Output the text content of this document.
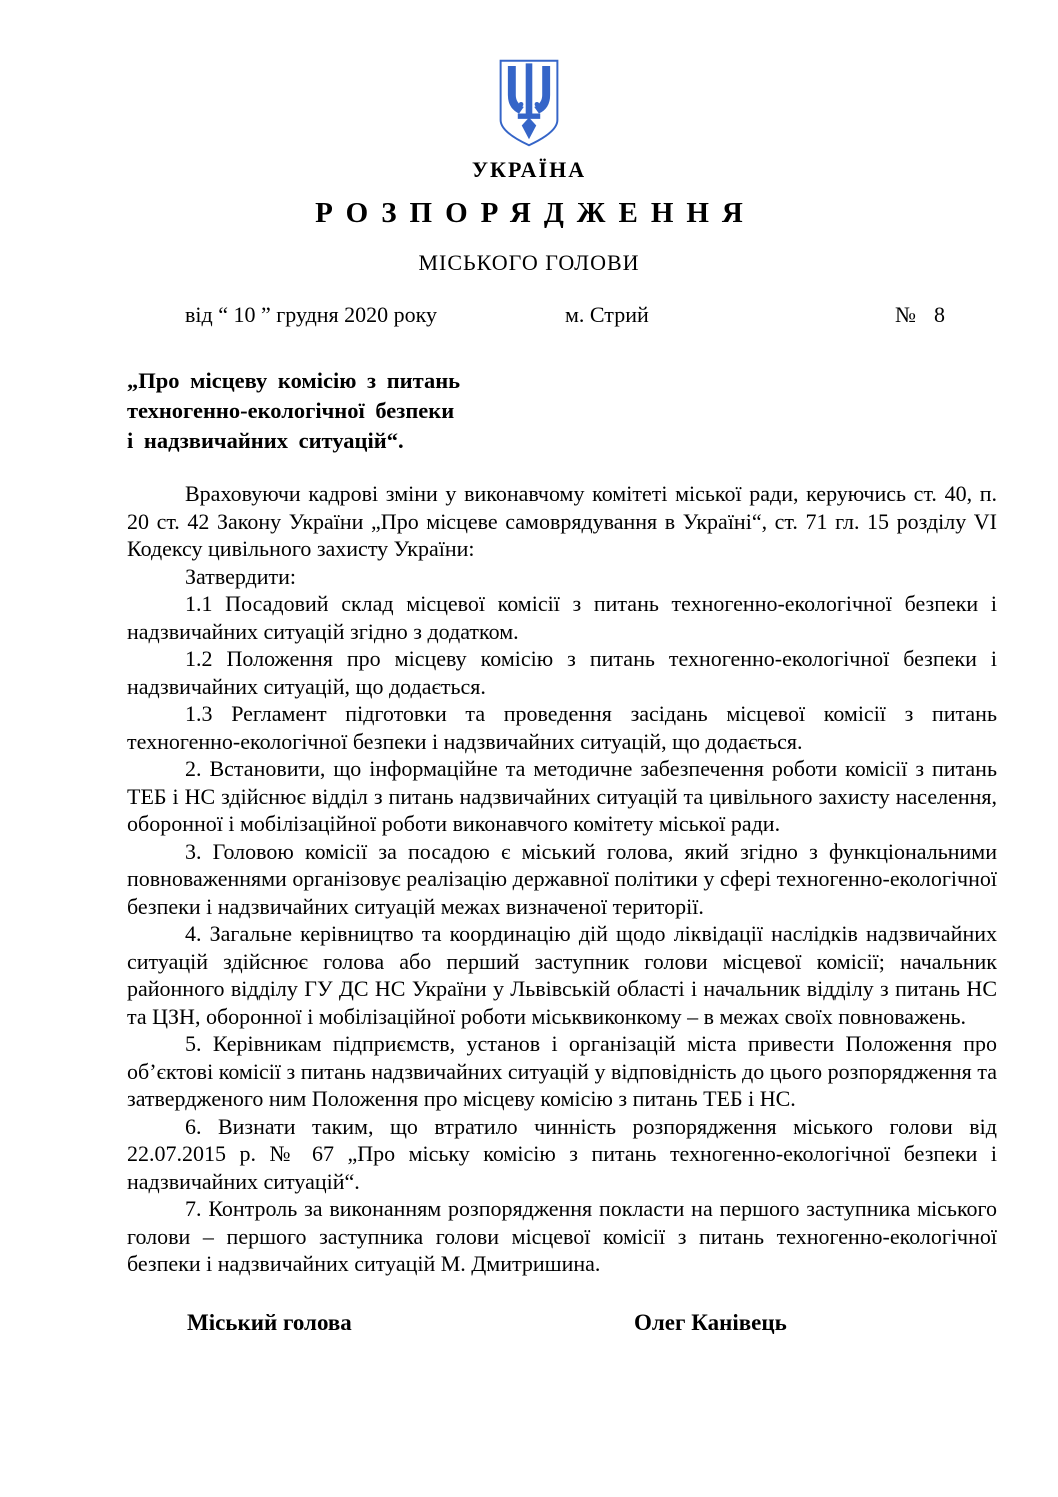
УКРАЇНА
РОЗПОРЯДЖЕННЯ
МІСЬКОГО ГОЛОВИ
від “ 10 ” грудня 2020 року	м. Стрий	№ 8
„Про місцеву комісію з питань
техногенно-екологічної безпеки
і надзвичайних ситуацій“.

Враховуючи кадрові зміни у виконавчому комітеті міської ради, керуючись ст. 40, п. 20 ст. 42 Закону України „Про місцеве самоврядування в Україні“, ст. 71 гл. 15 розділу VI Кодексу цивільного захисту України:

Затвердити:

1.1 Посадовий склад місцевої комісії з питань техногенно-екологічної безпеки і надзвичайних ситуацій згідно з додатком.

1.2 Положення про місцеву комісію з питань техногенно-екологічної безпеки і надзвичайних ситуацій, що додається.

1.3 Регламент підготовки та проведення засідань місцевої комісії з питань техногенно-екологічної безпеки і надзвичайних ситуацій, що додається.

2. Встановити, що інформаційне та методичне забезпечення роботи комісії з питань ТЕБ і НС здійснює відділ з питань надзвичайних ситуацій та цивільного захисту населення, оборонної і мобілізаційної роботи виконавчого комітету міської ради.

3. Головою комісії за посадою є міський голова, який згідно з функціональними повноваженнями організовує реалізацію державної політики у сфері техногенно-екологічної безпеки і надзвичайних ситуацій межах визначеної території.

4. Загальне керівництво та координацію дій щодо ліквідації наслідків надзвичайних ситуацій здійснює голова або перший заступник голови місцевої комісії; начальник районного відділу ГУ ДС НС України у Львівській області і начальник відділу з питань НС та ЦЗН, оборонної і мобілізаційної роботи міськвиконкому – в межах своїх повноважень.

5. Керівникам підприємств, установ і організацій міста привести Положення про об’єктові комісії з питань надзвичайних ситуацій у відповідність до цього розпорядження та затвердженого ним Положення про місцеву комісію з питань ТЕБ і НС.

6. Визнати таким, що втратило чинність розпорядження міського голови від 22.07.2015 р. № 67 „Про міську комісію з питань техногенно-екологічної безпеки і надзвичайних ситуацій“.

7. Контроль за виконанням розпорядження покласти на першого заступника міського голови – першого заступника голови місцевої комісії з питань техногенно-екологічної безпеки і надзвичайних ситуацій М. Дмитришина.

Міський голова	Олег Канівець
